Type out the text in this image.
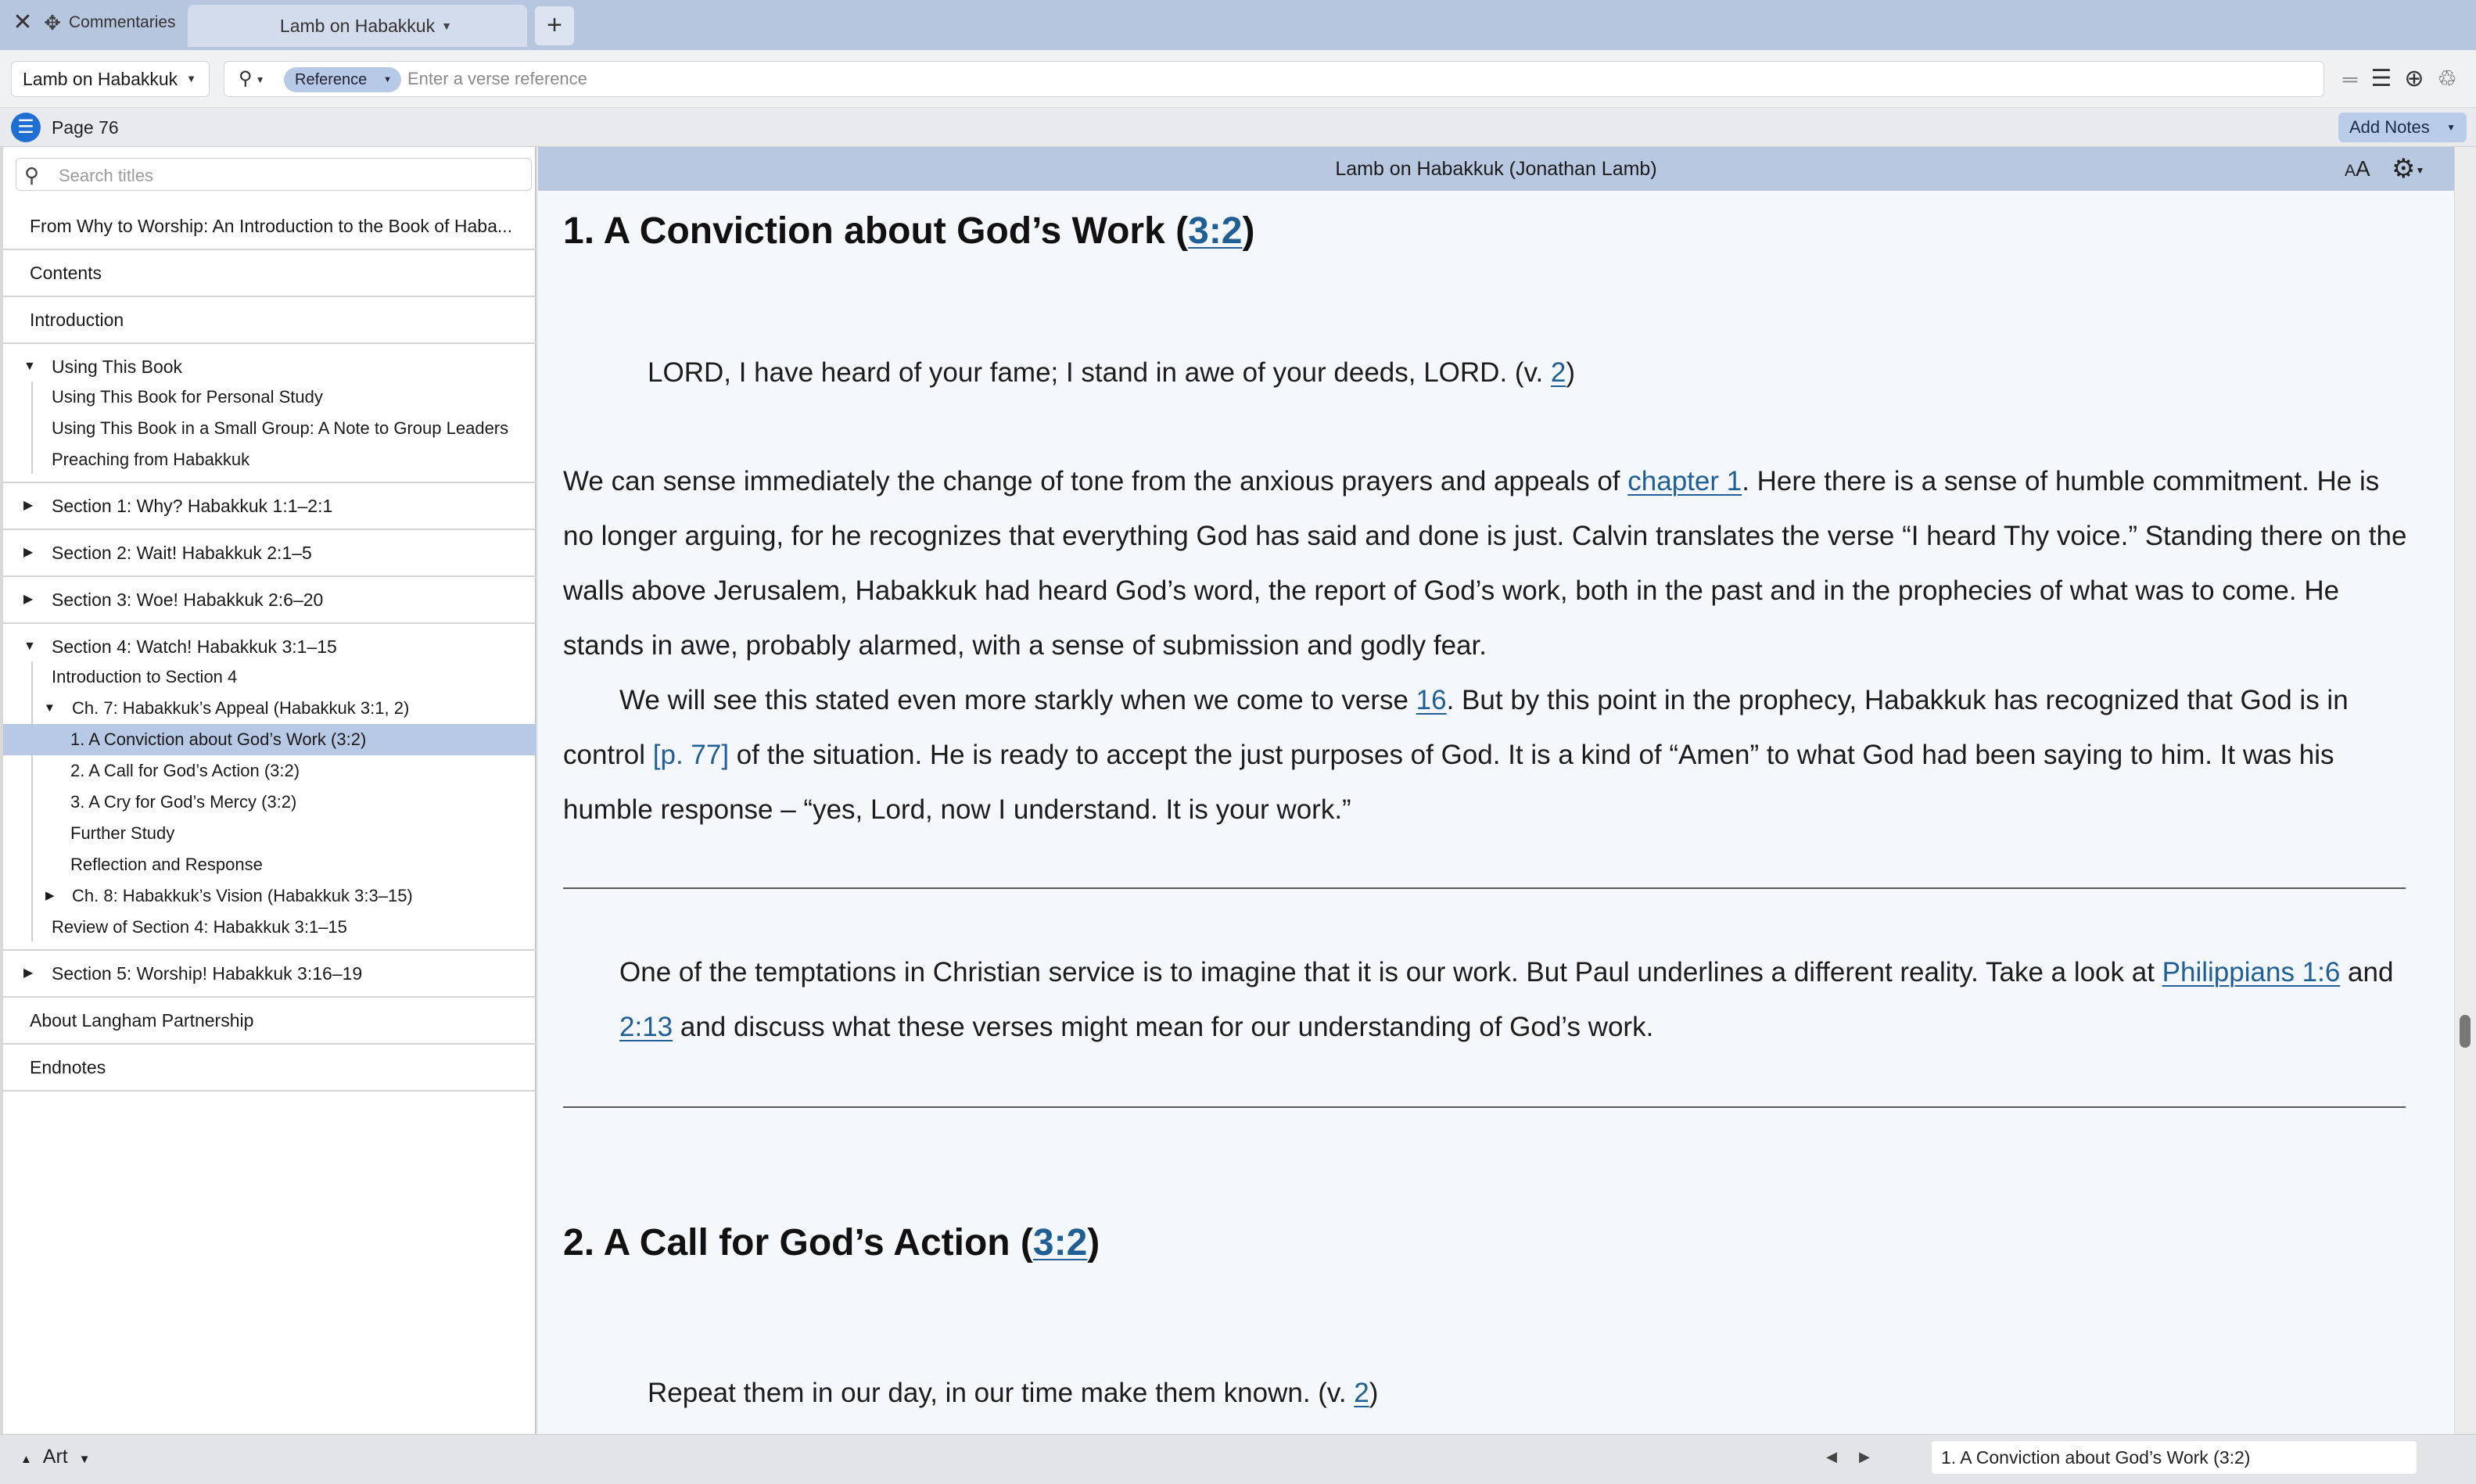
✕ ✥ Commentaries	Lamb on Habakkuk ▼	+
Lamb on Habakkuk ▼ ⚲ ▼	Reference ▼
Enter a verse reference	═ ☰ ⊕ ♲
☰ Page 76	Add Notes ▼
⚲
Search titles
From Why to Worship: An Introduction to the Book of Haba...
Contents
Introduction
▼ Using This Book
Using This Book for Personal Study
Using This Book in a Small Group: A Note to Group Leaders
Preaching from Habakkuk
▶	Section 1: Why? Habakkuk 1:1–2:1
▶	Section 2: Wait! Habakkuk 2:1–5
▶	Section 3: Woe! Habakkuk 2:6–20
▼ Section 4: Watch! Habakkuk 3:1–15
Introduction to Section 4
▼ Ch. 7: Habakkuk’s Appeal (Habakkuk 3:1, 2)
1. A Conviction about God’s Work (3:2)
2. A Call for God’s Action (3:2)
3. A Cry for God’s Mercy (3:2)
Further Study
Reflection and Response
▶ Ch. 8: Habakkuk’s Vision (Habakkuk 3:3–15)
Review of Section 4: Habakkuk 3:1–15
▶	Section 5: Worship! Habakkuk 3:16–19
About Langham Partnership
Endnotes
Lamb on Habakkuk (Jonathan Lamb)	AA ⚙▼
1. A Conviction about God’s Work (3:2)
LORD, I have heard of your fame; I stand in awe of your deeds, LORD. (v. 2)
We can sense immediately the change of tone from the anxious prayers and appeals of chapter 1. Here there is a sense of humble commitment. He is no longer arguing, for he recognizes that everything God has said and done is just. Calvin translates the verse “I heard Thy voice.” Standing there on the walls above Jerusalem, Habakkuk had heard God’s word, the report of God’s work, both in the past and in the prophecies of what was to come. He stands in awe, probably alarmed, with a sense of submission and godly fear.
We will see this stated even more starkly when we come to verse 16. But by this point in the prophecy, Habakkuk has recognized that God is in control [p. 77] of the situation. He is ready to accept the just purposes of God. It is a kind of “Amen” to what God had been saying to him. It was his humble response – “yes, Lord, now I understand. It is your work.”
One of the temptations in Christian service is to imagine that it is our work. But Paul underlines a different reality. Take a look at Philippians 1:6 and 2:13 and discuss what these verses might mean for our understanding of God’s work.
2. A Call for God’s Action (3:2)
Repeat them in our day, in our time make them known. (v. 2)
▲ Art ▼	◀ ▶	1. A Conviction about God’s Work (3:2)
